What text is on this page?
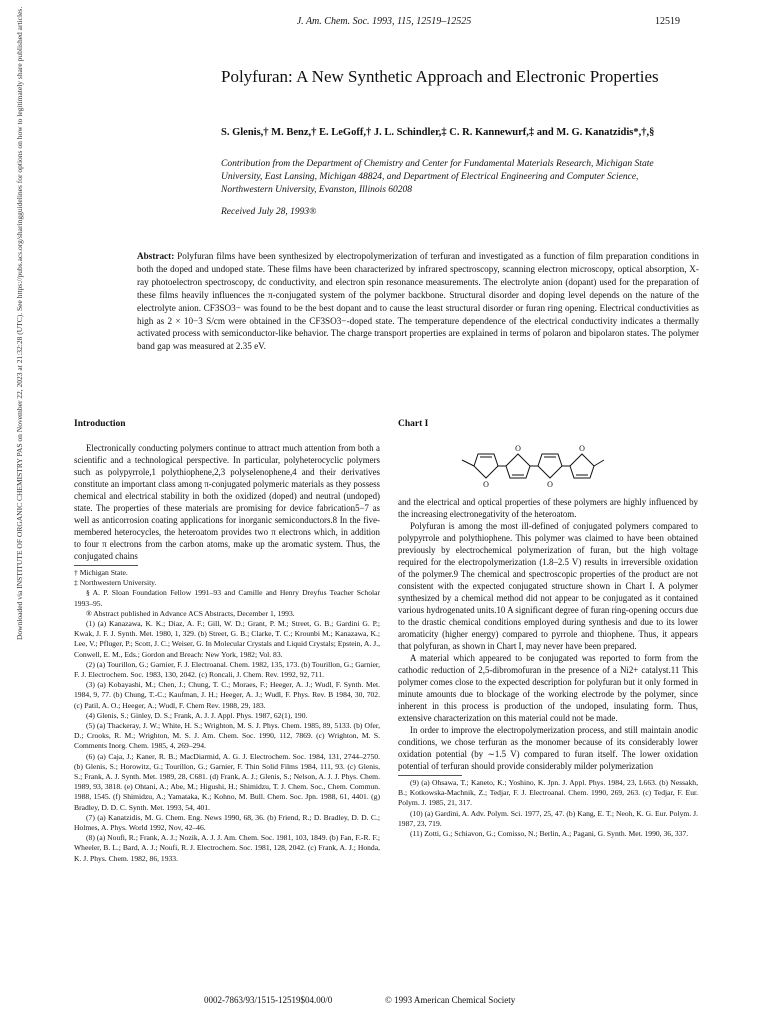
J. Am. Chem. Soc. 1993, 115, 12519–12525	12519
Polyfuran: A New Synthetic Approach and Electronic Properties
S. Glenis,† M. Benz,† E. LeGoff,† J. L. Schindler,‡ C. R. Kannewurf,‡ and M. G. Kanatzidis*,†,§
Contribution from the Department of Chemistry and Center for Fundamental Materials Research, Michigan State University, East Lansing, Michigan 48824, and Department of Electrical Engineering and Computer Science, Northwestern University, Evanston, Illinois 60208
Received July 28, 1993®
Abstract: Polyfuran films have been synthesized by electropolymerization of terfuran and investigated as a function of film preparation conditions in both the doped and undoped state. These films have been characterized by infrared spectroscopy, scanning electron microscopy, optical absorption, X-ray photoelectron spectroscopy, dc conductivity, and electron spin resonance measurements. The electrolyte anion (dopant) used for the preparation of these films heavily influences the π-conjugated system of the polymer backbone. Structural disorder and doping level depends on the nature of the electrolyte anion. CF3SO3− was found to be the best dopant and to cause the least structural disorder or furan ring opening. Electrical conductivities as high as 2 × 10−3 S/cm were obtained in the CF3SO3−-doped state. The temperature dependence of the electrical conductivity indicates a thermally activated process with semiconductor-like behavior. The charge transport properties are explained in terms of polaron and bipolaron states. The polymer band gap was measured at 2.35 eV.
Downloaded via INSTITUTE OF ORGANIC CHEMISTRY PAS on November 22, 2023 at 21:32:28 (UTC). See https://pubs.acs.org/sharingguidelines for options on how to legitimately share published articles.	Introduction

Electronically conducting polymers continue to attract much attention from both a scientific and a technological perspective. In particular, polyheterocyclic polymers such as polypyrrole,1 polythiophene,2,3 polyselenophene,4 and their derivatives constitute an important class among π-conjugated polymeric materials as they possess chemical and electrical stability in both the oxidized (doped) and neutral (undoped) state. The properties of these materials are promising for device fabrication5−7 as well as anticorrosion coating applications for inorganic semiconductors.8 In the five-membered heterocycles, the heteroatom provides two π electrons which, in addition to four π electrons from the carbon atoms, make up the aromatic system. Thus, the conjugated chains

† Michigan State.

‡ Northwestern University.

§ A. P. Sloan Foundation Fellow 1991–93 and Camille and Henry Dreyfus Teacher Scholar 1993–95.

® Abstract published in Advance ACS Abstracts, December 1, 1993.

(1) (a) Kanazawa, K. K.; Diaz, A. F.; Gill, W. D.; Grant, P. M.; Street, G. B.; Gardini G. P.; Kwak, J. F. J. Synth. Met. 1980, 1, 329. (b) Street, G. B.; Clarke, T. C.; Krounbi M.; Kanazawa, K.; Lee, V.; Pfluger, P.; Scott, J. C.; Weiser, G. In Molecular Crystals and Liquid Crystals; Epstein, A. J., Conwell, E. M., Eds.; Gordon and Breach: New York, 1982; Vol. 83.

(2) (a) Tourillon, G.; Garnier, F. J. Electroanal. Chem. 1982, 135, 173. (b) Tourillon, G.; Garnier, F. J. Electrochem. Soc. 1983, 130, 2042. (c) Roncali, J. Chem. Rev. 1992, 92, 711.

(3) (a) Kobayashi, M.; Chen, J.; Chung, T. C.; Moraes, F.; Heeger, A. J.; Wudl, F. Synth. Met. 1984, 9, 77. (b) Chung, T.-C.; Kaufman, J. H.; Heeger, A. J.; Wudl, F. Phys. Rev. B 1984, 30, 702. (c) Patil, A. O.; Heeger, A.; Wudl, F. Chem Rev. 1988, 29, 183.

(4) Glenis, S.; Ginley, D. S.; Frank, A. J. J. Appl. Phys. 1987, 62(1), 190.

(5) (a) Thackeray, J. W.; White, H. S.; Wrighton, M. S. J. Phys. Chem. 1985, 89, 5133. (b) Ofer, D.; Crooks, R. M.; Wrighton, M. S. J. Am. Chem. Soc. 1990, 112, 7869. (c) Wrighton, M. S. Comments Inorg. Chem. 1985, 4, 269–294.

(6) (a) Caja, J.; Kaner, R. B.; MacDiarmid, A. G. J. Electrochem. Soc. 1984, 131, 2744–2750. (b) Glenis, S.; Horowitz, G.; Tourillon, G.; Garnier, F. Thin Solid Films 1984, 111, 93. (c) Glenis, S.; Frank, A. J. Synth. Met. 1989, 28, C681. (d) Frank, A. J.; Glenis, S.; Nelson, A. J. J. Phys. Chem. 1989, 93, 3818. (e) Ohtani, A.; Abe, M.; Higushi, H.; Shimidzu, T. J. Chem. Soc., Chem. Commun. 1988, 1545. (f) Shimidzu, A.; Yamataka, K.; Kohno, M. Bull. Chem. Soc. Jpn. 1988, 61, 4401. (g) Bradley, D. D. C. Synth. Met. 1993, 54, 401.

(7) (a) Kanatzidis, M. G. Chem. Eng. News 1990, 68, 36. (b) Friend, R.; D. Bradley, D. D. C.; Holmes, A. Phys. World 1992, Nov, 42–46.

(8) (a) Noufi, R.; Frank, A. J.; Nozik, A. J. J. Am. Chem. Soc. 1981, 103, 1849. (b) Fan, F.-R. F.; Wheeler, B. L.; Bard, A. J.; Noufi, R. J. Electrochem. Soc. 1981, 128, 2042. (c) Frank, A. J.; Honda, K. J. Phys. Chem. 1982, 86, 1933.

Chart I
O
O
O
O

and the electrical and optical properties of these polymers are highly influenced by the increasing electronegativity of the heteroatom.

Polyfuran is among the most ill-defined of conjugated polymers compared to polypyrrole and polythiophene. This polymer was claimed to have been obtained previously by electrochemical polymerization of furan, but the high voltage required for the electropolymerization (1.8–2.5 V) results in irreversible oxidation of the polymer.9 The chemical and spectroscopic properties of the product are not consistent with the expected conjugated structure shown in Chart I. A polymer synthesized by a chemical method did not appear to be conjugated as it contained various hydrogenated units.10 A significant degree of furan ring-opening occurs due to the drastic chemical conditions employed during synthesis and due to its lower aromaticity (higher energy) compared to pyrrole and thiophene. Thus, it appears that polyfuran, as shown in Chart I, may never have been prepared.

A material which appeared to be conjugated was reported to form from the cathodic reduction of 2,5-dibromofuran in the presence of a Ni2+ catalyst.11 This polymer comes close to the expected description for polyfuran but it only formed in minute amounts due to blockage of the working electrode by the polymer, since inherent in this process is production of the undoped, insulating form. Thus, extensive characterization on this material could not be made.

In order to improve the electropolymerization process, and still maintain anodic conditions, we chose terfuran as the monomer because of its considerably lower oxidation potential (by ∼1.5 V) compared to furan itself. The lower oxidation potential of terfuran should provide considerably milder polymerization

(9) (a) Ohsawa, T.; Kaneto, K.; Yoshino, K. Jpn. J. Appl. Phys. 1984, 23, L663. (b) Nessakh, B.; Kotkowska-Machnik, Z.; Tedjar, F. J. Electroanal. Chem. 1990, 269, 263. (c) Tedjar, F. Eur. Polym. J. 1985, 21, 317.

(10) (a) Gardini, A. Adv. Polym. Sci. 1977, 25, 47. (b) Kang, E. T.; Neoh, K. G. Eur. Polym. J. 1987, 23, 719.

(11) Zotti, G.; Schiavon, G.; Comisso, N.; Berlin, A.; Pagani, G. Synth. Met. 1990, 36, 337.

0002-7863/93/1515-12519$04.00/0	© 1993 American Chemical Society
